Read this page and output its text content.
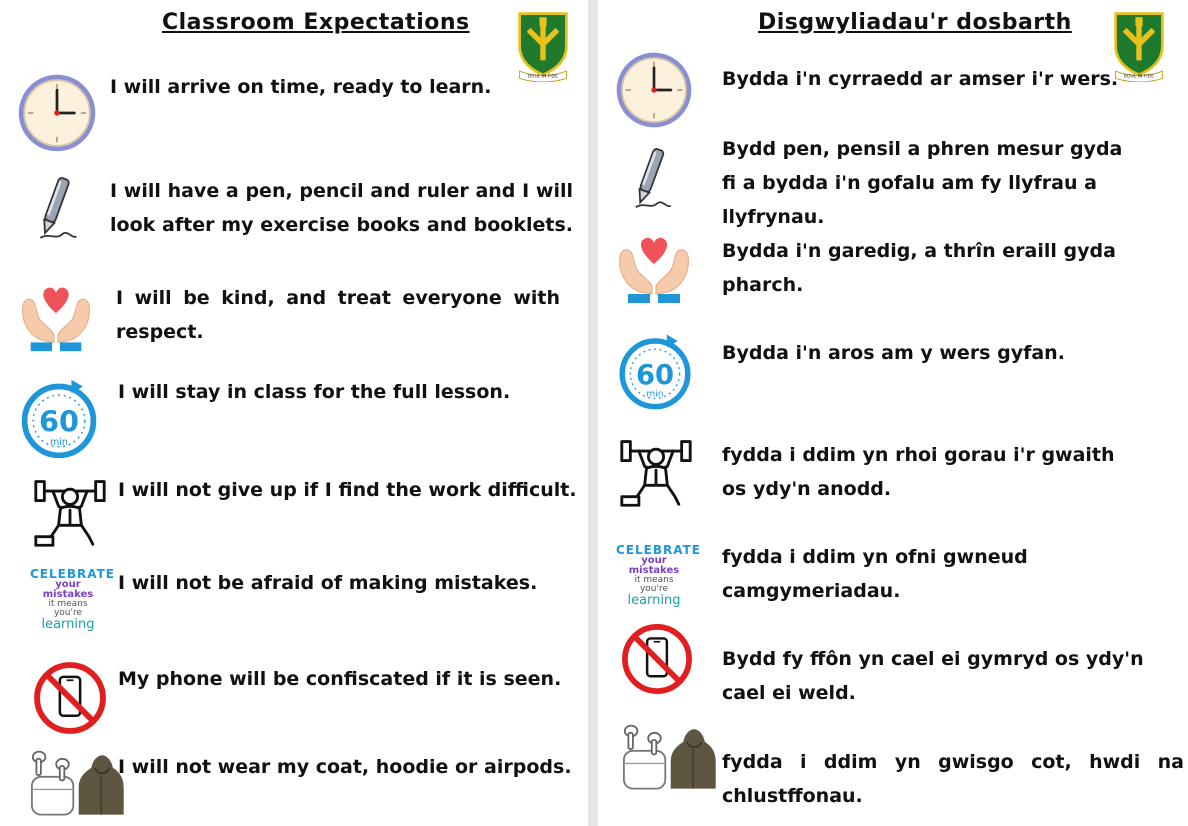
Classroom Expectations
BOUL IN FIDE

I will arrive on time, ready to learn.

I will have a pen, pencil and ruler and I will look after my exercise books and booklets.

I will be kind, and treat everyone with respect.

60
min

I will stay in class for the full lesson.

I will not give up if I find the work difficult.

CELEBRATE
your mistakes
it means
you're
learning

I will not be afraid of making mistakes.

My phone will be confiscated if it is seen.

I will not wear my coat, hoodie or airpods.

Disgwyliadau'r dosbarth
BOUL IN FIDE

Bydda i'n cyrraedd ar amser i'r wers.

Bydd pen, pensil a phren mesur gyda fi a bydda i'n gofalu am fy llyfrau a llyfrynau.

Bydda i'n garedig, a thrîn eraill gyda pharch.

60
min

Bydda i'n aros am y wers gyfan.

fydda i ddim yn rhoi gorau i'r gwaith os ydy'n anodd.

CELEBRATE
your mistakes
it means
you're
learning

fydda i ddim yn ofni gwneud camgymeriadau.

Bydd fy ffôn yn cael ei gymryd os ydy'n cael ei weld.

fydda i ddim yn gwisgo cot, hwdi na chlustffonau.
